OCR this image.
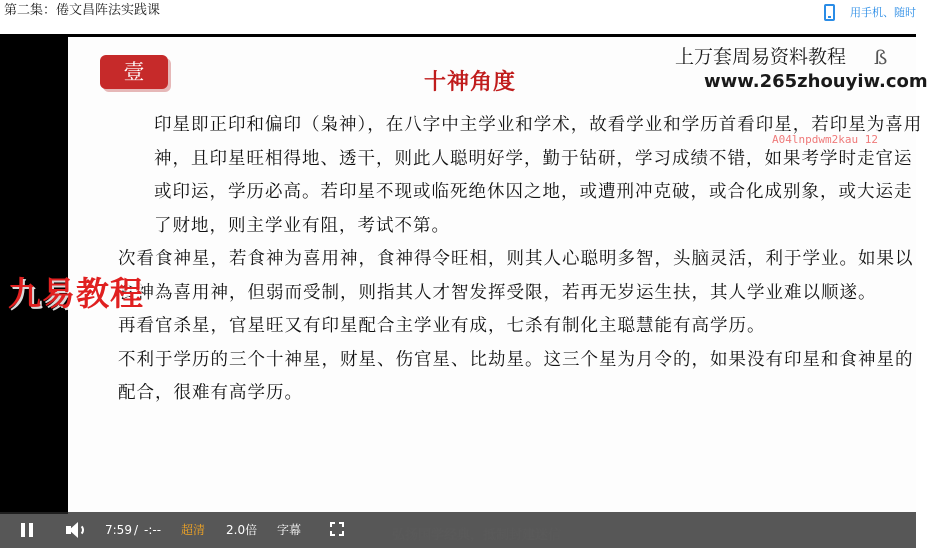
第二集：倦文昌阵法实践课	用手机、随时
壹	十神角度
上万套周易资料教程
www.265zhouyiw.com
ß
A04lnpdwm2kau 12

印星即正印和偏印（枭神），在八字中主学业和学术，故看学业和学历首看印星，若印星为喜用神，且印星旺相得地、透干，则此人聪明好学，勤于钻研，学习成绩不错，如果考学时走官运或印运，学历必高。若印星不现或临死绝休囚之地，或遭刑冲克破，或合化成别象，或大运走了财地，则主学业有阻，考试不第。

次看食神星，若食神为喜用神，食神得令旺相，则其人心聪明多智，头脑灵活，利于学业。如果以食神為喜用神，但弱而受制，则指其人才智发挥受限，若再无岁运生扶，其人学业难以顺遂。

再看官杀星，官星旺又有印星配合主学业有成，七杀有制化主聪慧能有高学历。

不利于学历的三个十神星，财星、伤官星、比劫星。这三个星为月令的，如果没有印星和食神星的配合，很难有高学历。

九易教程
7:59 / -:-- 超清 2.0倍 字幕	弘扬国学经典，抵制封建迷信
